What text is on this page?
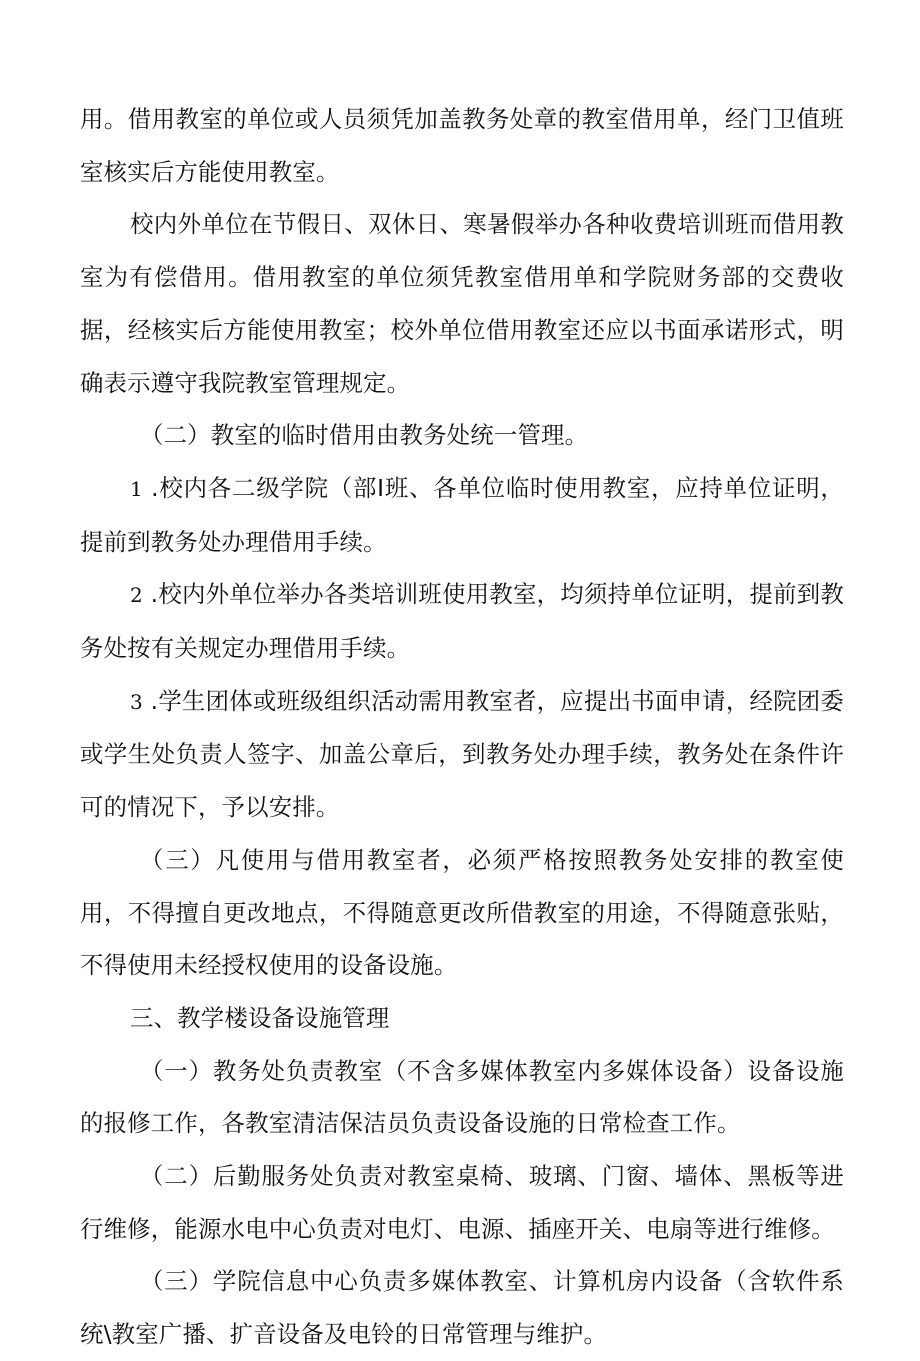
用。借用教室的单位或人员须凭加盖教务处章的教室借用单，经门卫值班室核实后方能使用教室。

校内外单位在节假日、双休日、寒暑假举办各种收费培训班而借用教室为有偿借用。借用教室的单位须凭教室借用单和学院财务部的交费收据，经核实后方能使用教室；校外单位借用教室还应以书面承诺形式，明确表示遵守我院教室管理规定。

（二）教室的临时借用由教务处统一管理。

1 .校内各二级学院（部I班、各单位临时使用教室，应持单位证明，提前到教务处办理借用手续。

2 .校内外单位举办各类培训班使用教室，均须持单位证明，提前到教务处按有关规定办理借用手续。

3 .学生团体或班级组织活动需用教室者，应提出书面申请，经院团委或学生处负责人签字、加盖公章后，到教务处办理手续，教务处在条件许可的情况下，予以安排。

（三）凡使用与借用教室者，必须严格按照教务处安排的教室使用，不得擅自更改地点，不得随意更改所借教室的用途，不得随意张贴，不得使用未经授权使用的设备设施。

三、教学楼设备设施管理

（一）教务处负责教室（不含多媒体教室内多媒体设备）设备设施的报修工作，各教室清洁保洁员负责设备设施的日常检查工作。

（二）后勤服务处负责对教室桌椅、玻璃、门窗、墙体、黑板等进行维修，能源水电中心负责对电灯、电源、插座开关、电扇等进行维修。

（三）学院信息中心负责多媒体教室、计算机房内设备（含软件系统\教室广播、扩音设备及电铃的日常管理与维护。
